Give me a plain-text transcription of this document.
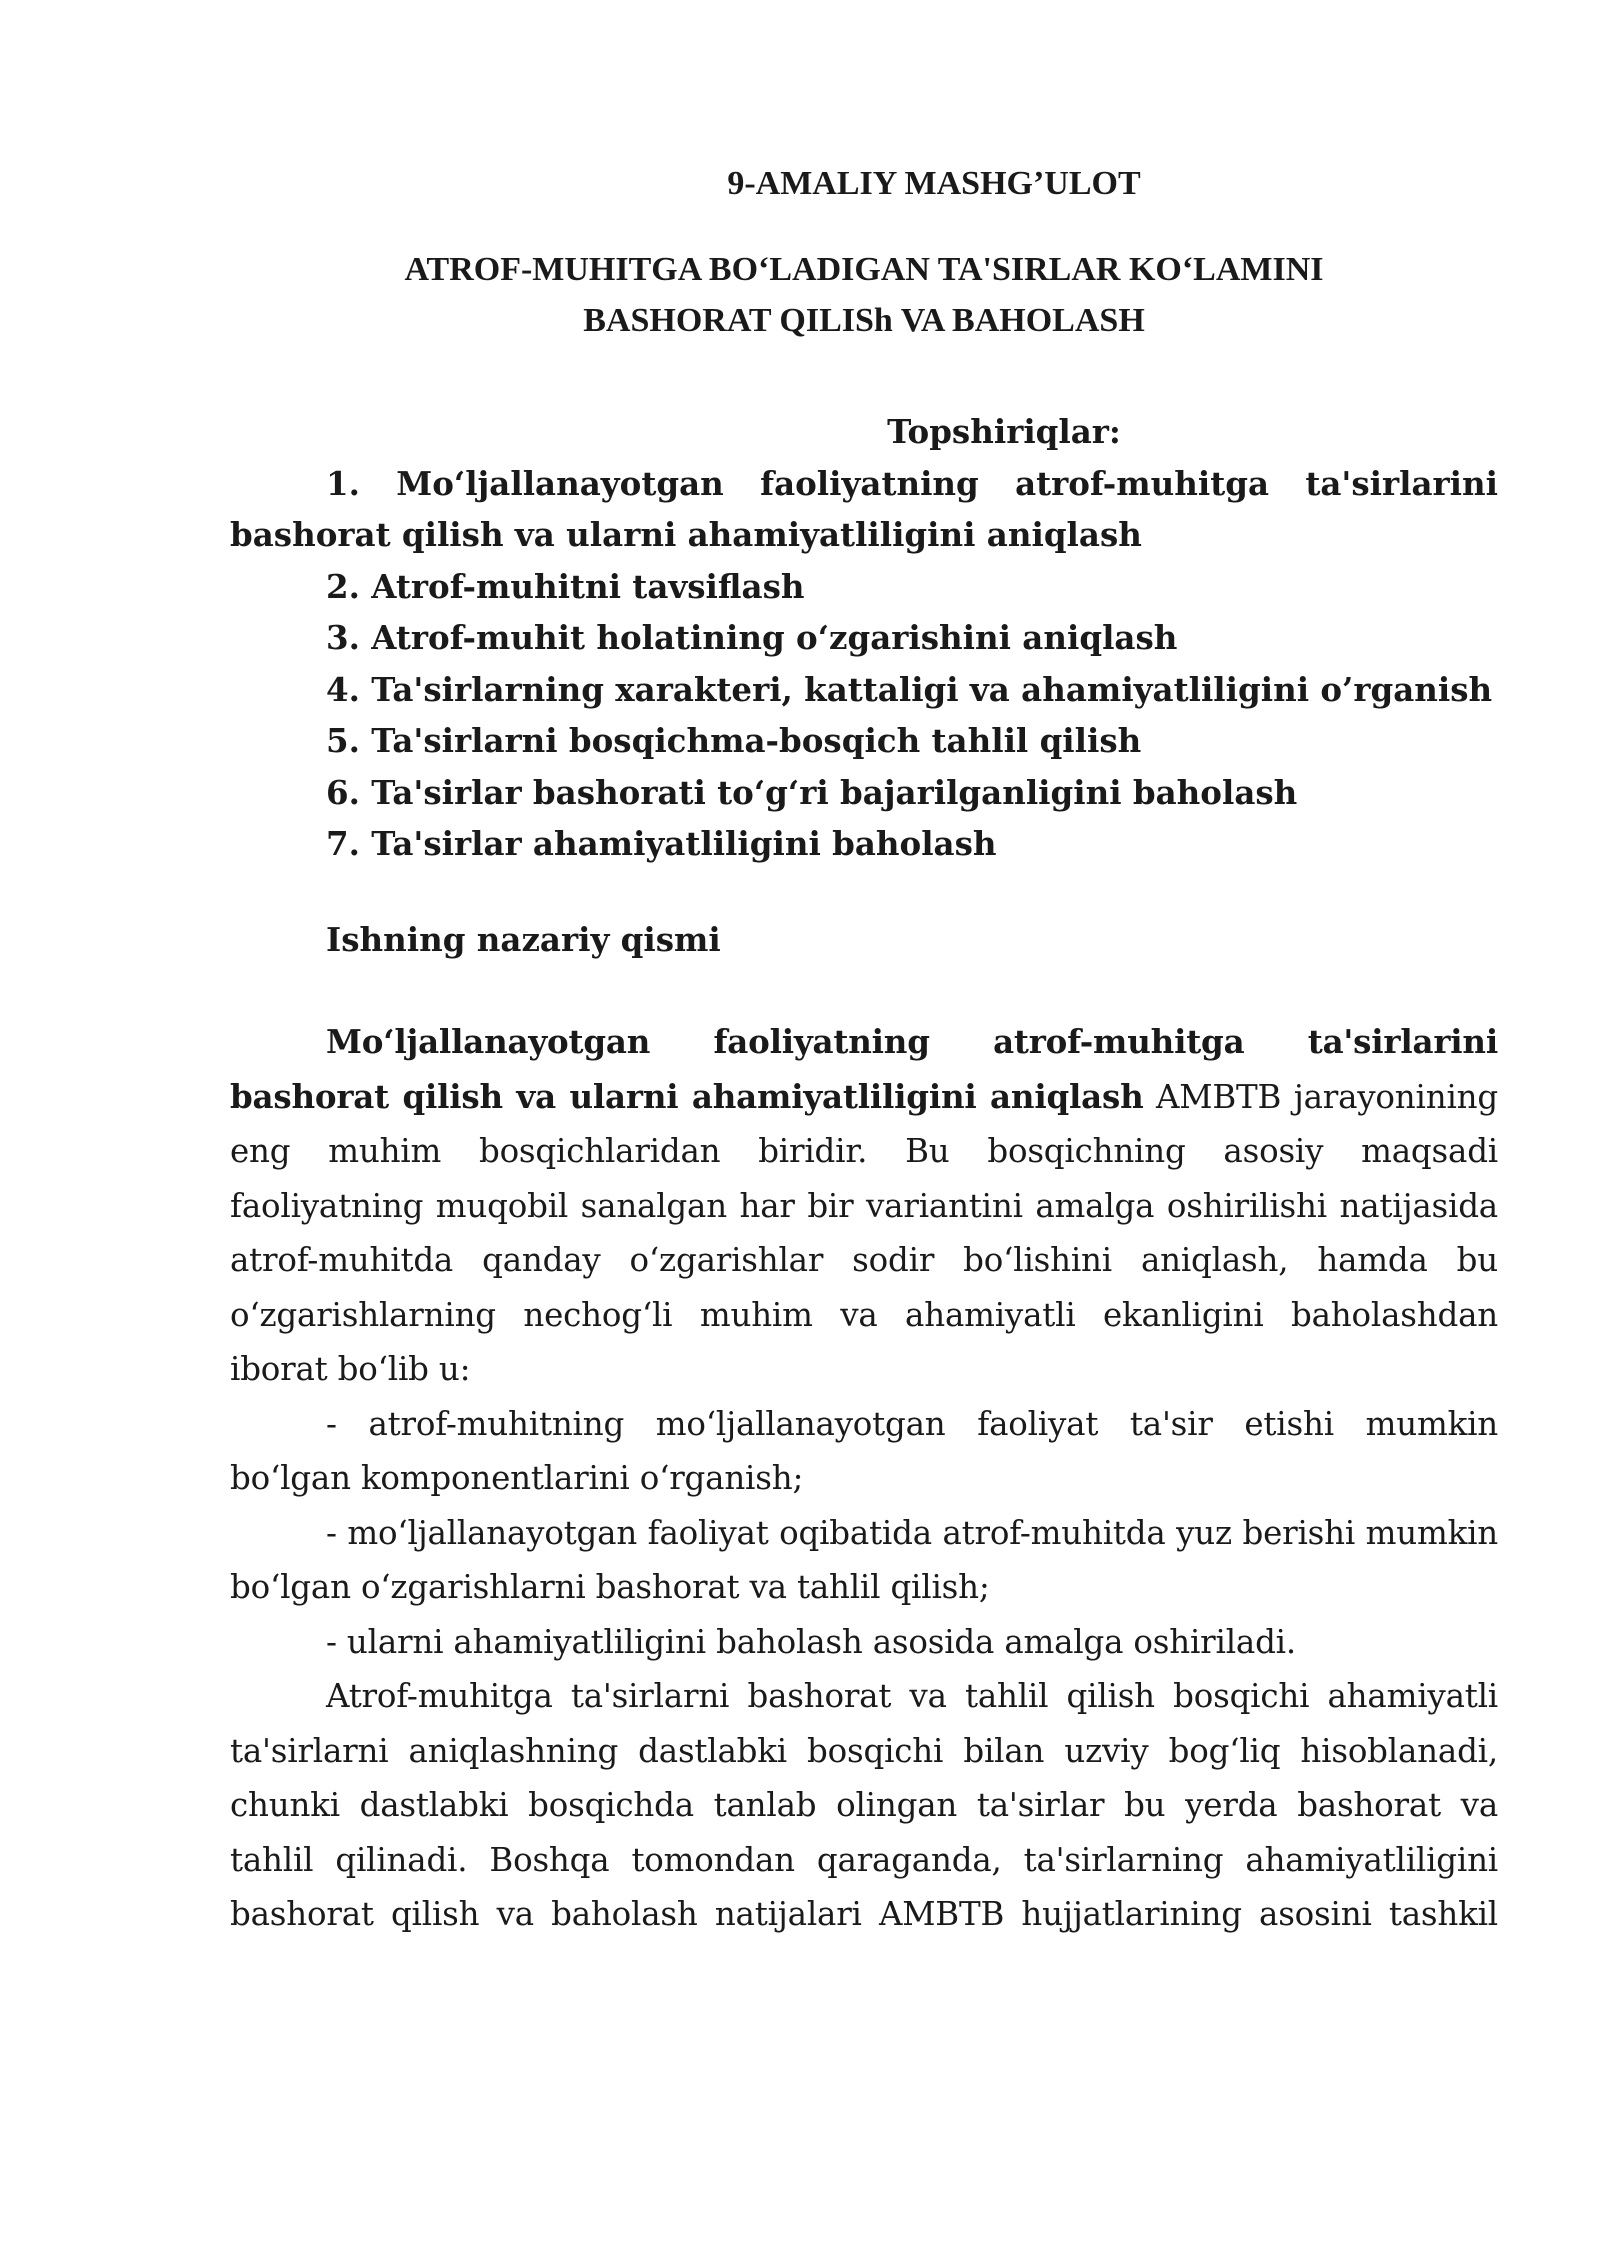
9-AMALIY MASHG’ULOT
ATROF-MUHITGA BO‘LADIGAN TA'SIRLAR KO‘LAMINI
BASHORAT QILISh VA BAHOLASH

Topshiriqlar:

1. Mo‘ljallanayotgan faoliyatning atrof-muhitga ta'sirlarini bashorat qilish va ularni ahamiyatliligini aniqlash

2. Atrof-muhitni tavsiflash

3. Atrof-muhit holatining o‘zgarishini aniqlash

4. Ta'sirlarning xarakteri, kattaligi va ahamiyatliligini o’rganish

5. Ta'sirlarni bosqichma-bosqich tahlil qilish

6. Ta'sirlar bashorati to‘g‘ri bajarilganligini baholash

7. Ta'sirlar ahamiyatliligini baholash

Ishning nazariy qismi

Mo‘ljallanayotgan faoliyatning atrof-muhitga ta'sirlarini bashorat qilish va ularni ahamiyatliligini aniqlash AMBTB jarayonining eng muhim bosqichlaridan biridir. Bu bosqichning asosiy maqsadi faoliyatning muqobil sanalgan har bir variantini amalga oshirilishi natijasida atrof-muhitda qanday o‘zgarishlar sodir bo‘lishini aniqlash, hamda bu o‘zgarishlarning nechog‘li muhim va ahamiyatli ekanligini baholashdan iborat bo‘lib u:

- atrof-muhitning mo‘ljallanayotgan faoliyat ta'sir etishi mumkin bo‘lgan komponentlarini o‘rganish;

- mo‘ljallanayotgan faoliyat oqibatida atrof-muhitda yuz berishi mumkin bo‘lgan o‘zgarishlarni bashorat va tahlil qilish;

- ularni ahamiyatliligini baholash asosida amalga oshiriladi.

Atrof-muhitga ta'sirlarni bashorat va tahlil qilish bosqichi ahamiyatli ta'sirlarni aniqlashning dastlabki bosqichi bilan uzviy bog‘liq hisoblanadi, chunki dastlabki bosqichda tanlab olingan ta'sirlar bu yerda bashorat va tahlil qilinadi. Boshqa tomondan qaraganda, ta'sirlarning ahamiyatliligini bashorat qilish va baholash natijalari AMBTB hujjatlarining asosini tashkil
